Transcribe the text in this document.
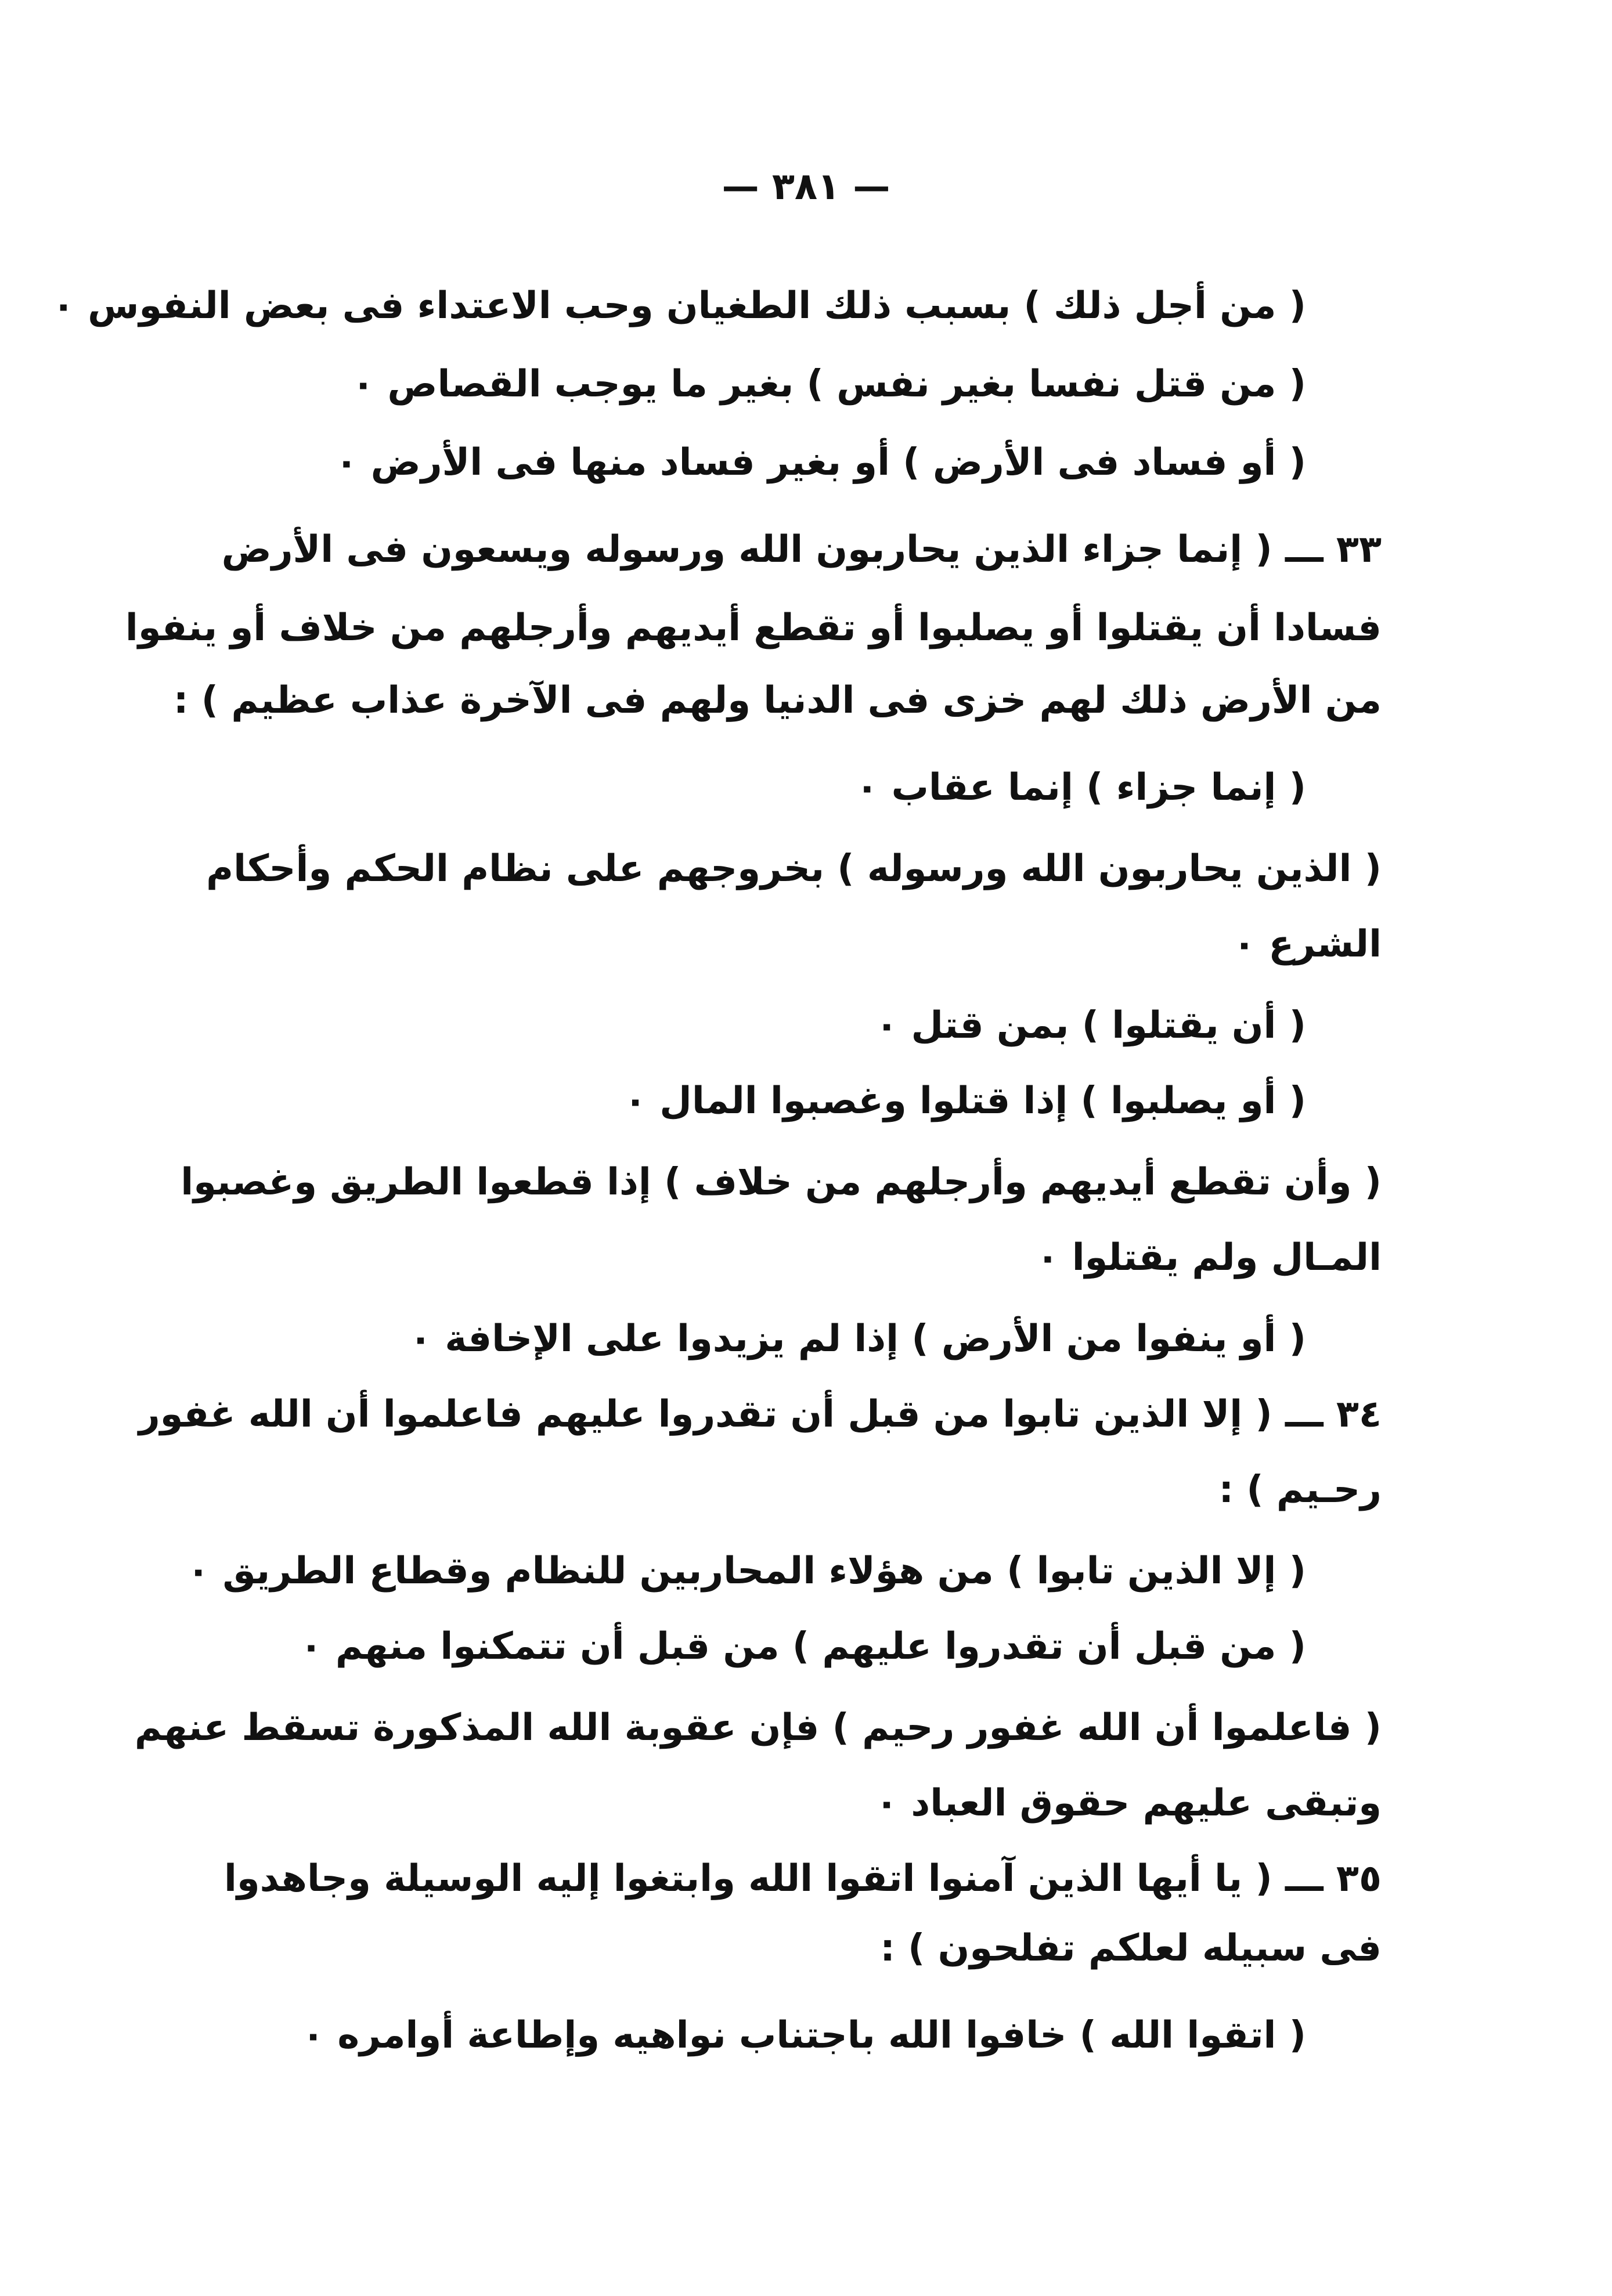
— ٣٨١ —
( من أجل ذلك ) بسبب ذلك الطغيان وحب الاعتداء فى بعض النفوس ٠
( من قتل نفسا بغير نفس ) بغير ما يوجب القصاص ٠
( أو فساد فى الأرض ) أو بغير فساد منها فى الأرض ٠
٣٣ ـــ ( إنما جزاء الذين يحاربون الله ورسوله ويسعون فى الأرض
فسادا أن يقتلوا أو يصلبوا أو تقطع أيديهم وأرجلهم من خلاف أو ينفوا
من الأرض ذلك لهم خزى فى الدنيا ولهم فى الآخرة عذاب عظيم ) :
( إنما جزاء ) إنما عقاب ٠
( الذين يحاربون الله ورسوله ) بخروجهم على نظام الحكم وأحكام
الشرع ٠
( أن يقتلوا ) بمن قتل ٠
( أو يصلبوا ) إذا قتلوا وغصبوا المال ٠
( وأن تقطع أيديهم وأرجلهم من خلاف ) إذا قطعوا الطريق وغصبوا
المـال ولم يقتلوا ٠
( أو ينفوا من الأرض ) إذا لم يزيدوا على الإخافة ٠
٣٤ ـــ ( إلا الذين تابوا من قبل أن تقدروا عليهم فاعلموا أن الله غفور
رحـيم ) :
( إلا الذين تابوا ) من هؤلاء المحاربين للنظام وقطاع الطريق ٠
( من قبل أن تقدروا عليهم ) من قبل أن تتمكنوا منهم ٠
( فاعلموا أن الله غفور رحيم ) فإن عقوبة الله المذكورة تسقط عنهم
وتبقى عليهم حقوق العباد ٠
٣٥ ـــ ( يا أيها الذين آمنوا اتقوا الله وابتغوا إليه الوسيلة وجاهدوا
فى سبيله لعلكم تفلحون ) :
( اتقوا الله ) خافوا الله باجتناب نواهيه وإطاعة أوامره ٠
